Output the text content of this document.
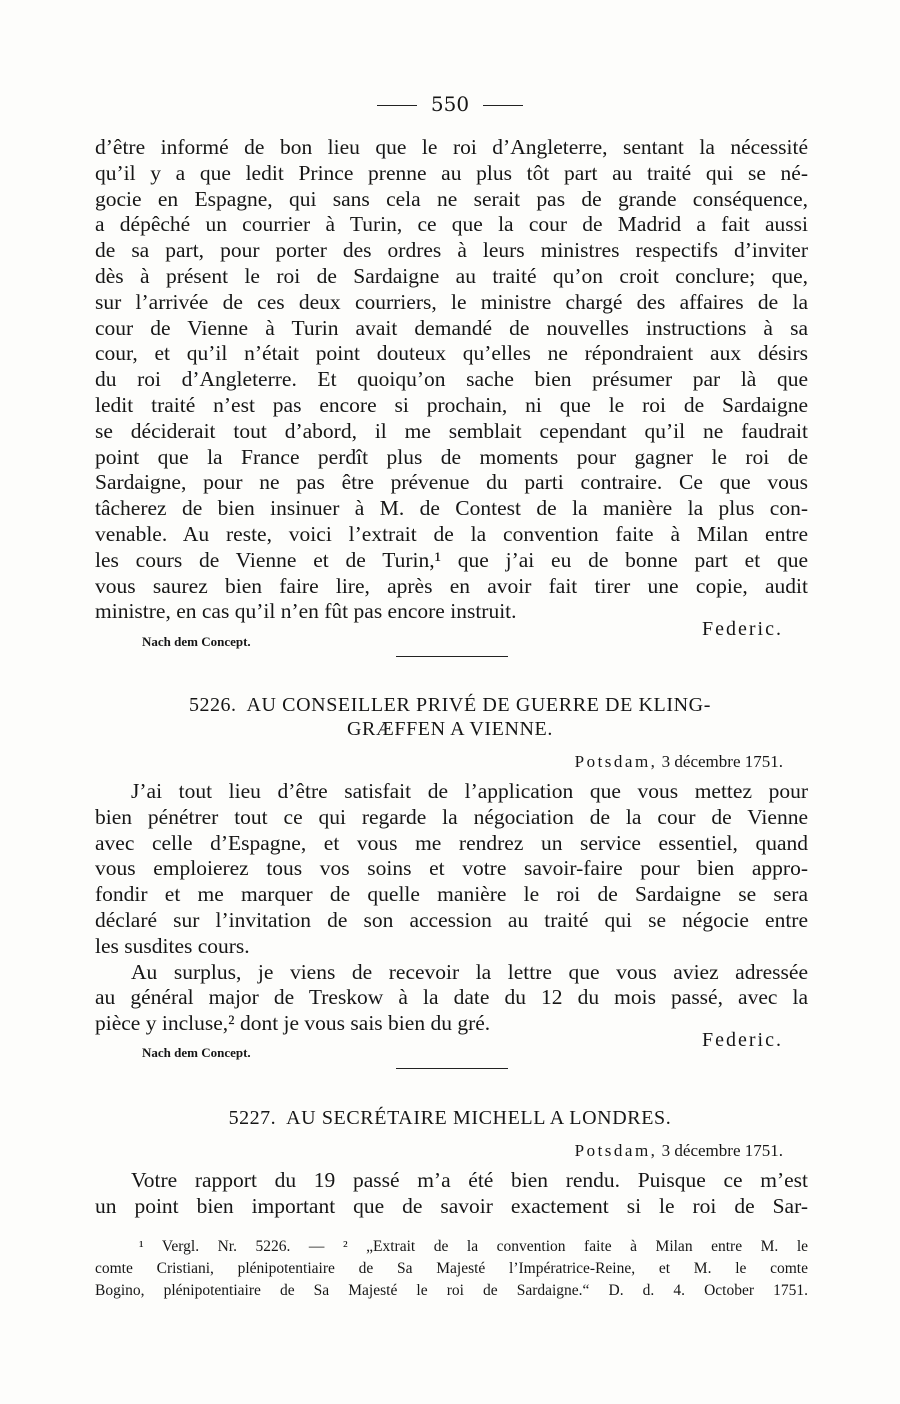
550
d’être informé de bon lieu que le roi d’Angleterre, sentant la nécessité
qu’il y a que ledit Prince prenne au plus tôt part au traité qui se né-
gocie en Espagne, qui sans cela ne serait pas de grande conséquence,
a dépêché un courrier à Turin, ce que la cour de Madrid a fait aussi
de sa part, pour porter des ordres à leurs ministres respectifs d’inviter
dès à présent le roi de Sardaigne au traité qu’on croit conclure; que,
sur l’arrivée de ces deux courriers, le ministre chargé des affaires de la
cour de Vienne à Turin avait demandé de nouvelles instructions à sa
cour, et qu’il n’était point douteux qu’elles ne répondraient aux désirs
du roi d’Angleterre. Et quoiqu’on sache bien présumer par là que
ledit traité n’est pas encore si prochain, ni que le roi de Sardaigne
se déciderait tout d’abord, il me semblait cependant qu’il ne faudrait
point que la France perdît plus de moments pour gagner le roi de
Sardaigne, pour ne pas être prévenue du parti contraire. Ce que vous
tâcherez de bien insinuer à M. de Contest de la manière la plus con-
venable. Au reste, voici l’extrait de la convention faite à Milan entre
les cours de Vienne et de Turin,¹ que j’ai eu de bonne part et que
vous saurez bien faire lire, après en avoir fait tirer une copie, audit
ministre, en cas qu’il n’en fût pas encore instruit.
Federic.
Nach dem Concept.
5226. AU CONSEILLER PRIVÉ DE GUERRE DE KLING-
GRÆFFEN A VIENNE.
Potsdam, 3 décembre 1751.
J’ai tout lieu d’être satisfait de l’application que vous mettez pour
bien pénétrer tout ce qui regarde la négociation de la cour de Vienne
avec celle d’Espagne, et vous me rendrez un service essentiel, quand
vous emploierez tous vos soins et votre savoir-faire pour bien appro-
fondir et me marquer de quelle manière le roi de Sardaigne se sera
déclaré sur l’invitation de son accession au traité qui se négocie entre
les susdites cours.
Au surplus, je viens de recevoir la lettre que vous aviez adressée
au général major de Treskow à la date du 12 du mois passé, avec la
pièce y incluse,² dont je vous sais bien du gré.
Federic.
Nach dem Concept.
5227. AU SECRÉTAIRE MICHELL A LONDRES.
Potsdam, 3 décembre 1751.
Votre rapport du 19 passé m’a été bien rendu. Puisque ce m’est
un point bien important que de savoir exactement si le roi de Sar-
¹ Vergl. Nr. 5226. — ² „Extrait de la convention faite à Milan entre M. le
comte Cristiani, plénipotentiaire de Sa Majesté l’Impératrice-Reine, et M. le comte
Bogino, plénipotentiaire de Sa Majesté le roi de Sardaigne.“ D. d. 4. October 1751.
